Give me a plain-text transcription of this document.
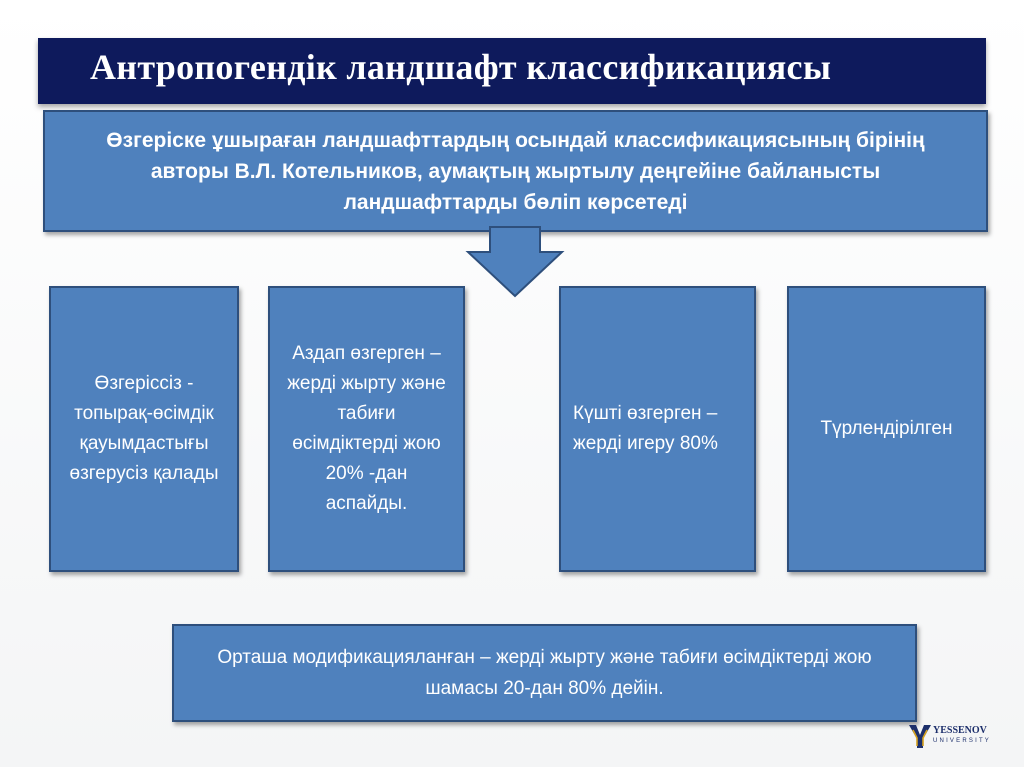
Антропогендік ландшафт классификациясы
Өзгеріске ұшыраған ландшафттардың осындай классификациясының бірінің авторы В.Л. Котельников, аумақтың жыртылу деңгейіне байланысты ландшафттарды бөліп көрсетеді
Өзгеріссіз - топырақ-өсімдік қауымдастығы өзгерусіз қалады
Аздап өзгерген – жерді жырту және табиғи өсімдіктерді жою 20% -дан аспайды.
Күшті өзгерген – жерді игеру 80%
Түрлендірілген
Орташа модификацияланған – жерді жырту және табиғи өсімдіктерді жою шамасы 20-дан 80% дейін.
YESSENOV
UNIVERSITY
